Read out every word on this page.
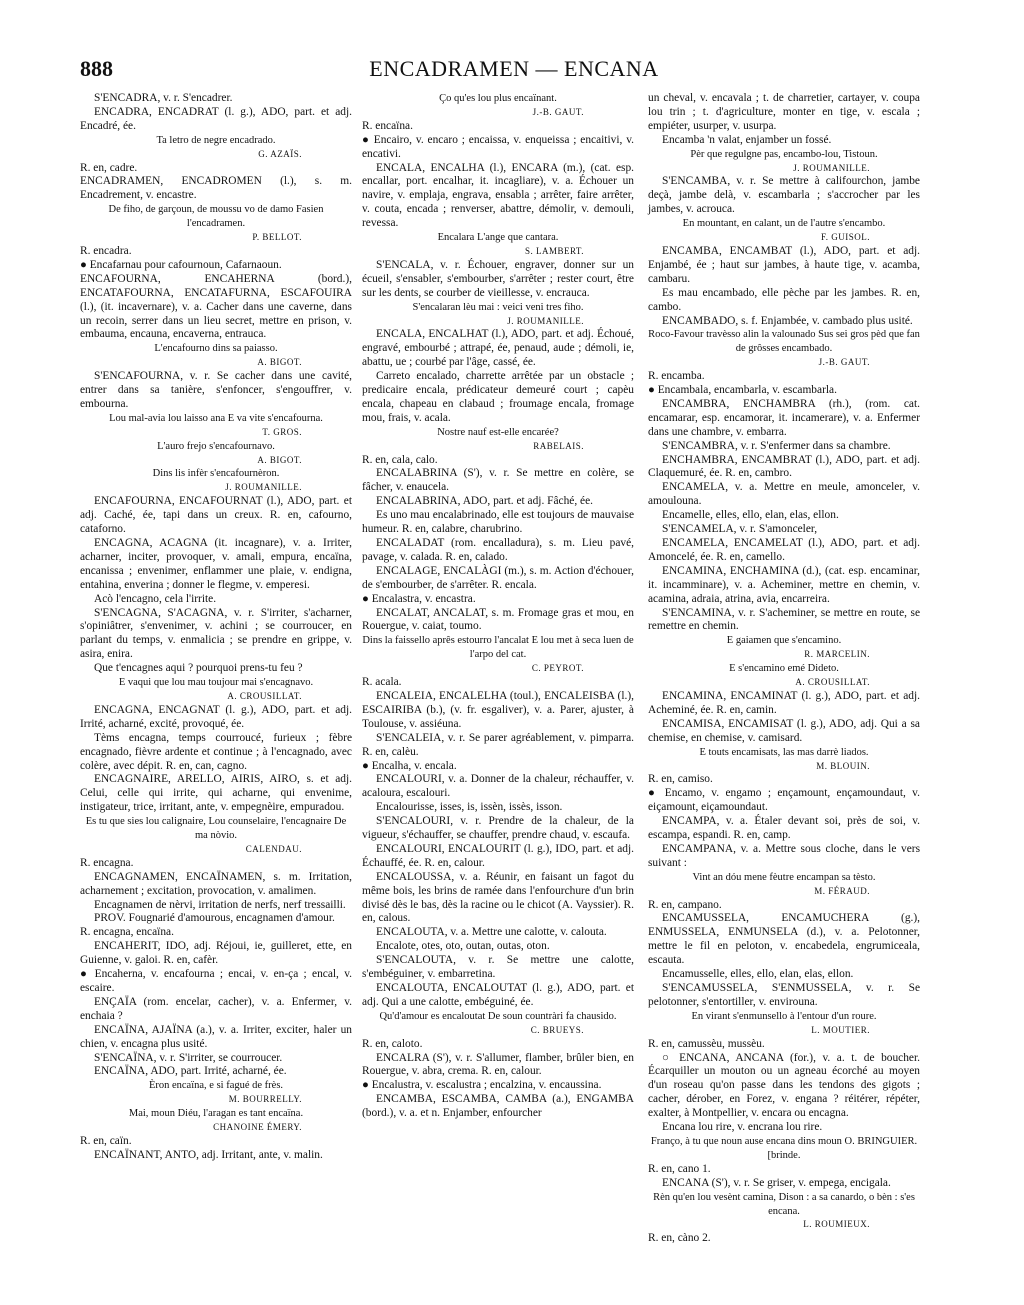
888	ENCADRAMEN — ENCANA

S'ENCADRA, v. r. S'encadrer.

ENCADRA, ENCADRAT (l. g.), ADO, part. et adj. Encadré, ée.

Ta letro de negre encadrado.

G. AZAÏS.

R. en, cadre.

ENCADRAMEN, ENCADROMEN (l.), s. m. Encadrement, v. encastre.

De fiho, de garçoun, de moussu vo de damo Fasien l'encadramen.

P. BELLOT.

R. encadra.

● Encafarnau pour cafournoun, Cafarnaoun.

ENCAFOURNA, ENCAHERNA (bord.), ENCATAFOURNA, ENCATAFURNA, ESCAFOUIRA (l.), (it. incavernare), v. a. Cacher dans une caverne, dans un recoin, serrer dans un lieu secret, mettre en prison, v. embauma, encauna, encaverna, entrauca.

L'encafourno dins sa paiasso.

A. BIGOT.

S'ENCAFOURNA, v. r. Se cacher dans une cavité, entrer dans sa tanière, s'enfoncer, s'engouffrer, v. embourna.

Lou mal-avia lou laisso ana E va vite s'encafourna.

T. GROS.

L'auro frejo s'encafournavo.

A. BIGOT.

Dins lis infèr s'encafournèron.

J. ROUMANILLE.

ENCAFOURNA, ENCAFOURNAT (l.), ADO, part. et adj. Caché, ée, tapi dans un creux. R. en, cafourno, cataforno.

ENCAGNA, ACAGNA (it. incagnare), v. a. Irriter, acharner, inciter, provoquer, v. amali, empura, encaïna, encanissa ; envenimer, enflammer une plaie, v. endigna, entahina, enverina ; donner le flegme, v. emperesi.

Acò l'encagno, cela l'irrite.

S'ENCAGNA, S'ACAGNA, v. r. S'irriter, s'acharner, s'opiniâtrer, s'envenimer, v. achini ; se courroucer, en parlant du temps, v. enmalicia ; se prendre en grippe, v. asira, enira.

Que t'encagnes aqui ? pourquoi prens-tu feu ?

E vaqui que lou mau toujour mai s'encagnavo.

A. CROUSILLAT.

ENCAGNA, ENCAGNAT (l. g.), ADO, part. et adj. Irrité, acharné, excité, provoqué, ée.

Tèms encagna, temps courroucé, furieux ; fèbre encagnado, fièvre ardente et continue ; à l'encagnado, avec colère, avec dépit. R. en, can, cagno.

ENCAGNAIRE, ARELLO, AIRIS, AIRO, s. et adj. Celui, celle qui irrite, qui acharne, qui envenime, instigateur, trice, irritant, ante, v. empegnèire, empuradou.

Es tu que sies lou calignaire, Lou counselaire, l'encagnaire De ma nòvio.

CALENDAU.

R. encagna.

ENCAGNAMEN, ENCAÏNAMEN, s. m. Irritation, acharnement ; excitation, provocation, v. amalimen.

Encagnamen de nèrvi, irritation de nerfs, nerf tressailli.

PROV. Fougnarié d'amourous, encagnamen d'amour.

R. encagna, encaïna.

ENCAHERIT, IDO, adj. Réjoui, ie, guilleret, ette, en Guienne, v. galoi. R. en, cafèr.

● Encaherna, v. encafourna ; encai, v. en-ça ; encal, v. escaire.

ENÇAÏA (rom. encelar, cacher), v. a. Enfermer, v. enchaia ?

ENCAÏNA, AJAÏNA (a.), v. a. Irriter, exciter, haler un chien, v. encagna plus usité.

S'ENCAÏNA, v. r. S'irriter, se courroucer.

ENCAÏNA, ADO, part. Irrité, acharné, ée.

Èron encaïna, e si fagué de frès.

M. BOURRELLY.

Mai, moun Diéu, l'aragan es tant encaïna.

CHANOINE ÉMERY.

R. en, caïn.

ENCAÏNANT, ANTO, adj. Irritant, ante, v. malin.

Ço qu'es lou plus encaïnant.

J.-B. GAUT.

R. encaïna.

● Encairo, v. encaro ; encaissa, v. enqueissa ; encaitivi, v. encativi.

ENCALA, ENCALHA (l.), ENCARA (m.), (cat. esp. encallar, port. encalhar, it. incagliare), v. a. Échouer un navire, v. emplaja, engrava, ensabla ; arrêter, faire arrêter, v. couta, encada ; renverser, abattre, démolir, v. demouli, revessa.

Encalara L'ange que cantara.

S. LAMBERT.

S'ENCALA, v. r. Échouer, engraver, donner sur un écueil, s'ensabler, s'embourber, s'arrêter ; rester court, être sur les dents, se courber de vieillesse, v. encrauca.

S'encalaran lèu mai : veici veni tres fiho.

J. ROUMANILLE.

ENCALA, ENCALHAT (l.), ADO, part. et adj. Échoué, engravé, embourbé ; attrapé, ée, penaud, aude ; démoli, ie, abattu, ue ; courbé par l'âge, cassé, ée.

Carreto encalado, charrette arrêtée par un obstacle ; predicaire encala, prédicateur demeuré court ; capèu encala, chapeau en clabaud ; froumage encala, fromage mou, frais, v. acala.

Nostre nauf est-elle encarée?

RABELAIS.

R. en, cala, calo.

ENCALABRINA (S'), v. r. Se mettre en colère, se fâcher, v. enaucela.

ENCALABRINA, ADO, part. et adj. Fâché, ée.

Es uno mau encalabrinado, elle est toujours de mauvaise humeur. R. en, calabre, charubrino.

ENCALADAT (rom. encalladura), s. m. Lieu pavé, pavage, v. calada. R. en, calado.

ENCALAGE, ENCALÀGI (m.), s. m. Action d'échouer, de s'embourber, de s'arrêter. R. encala.

● Encalastra, v. encastra.

ENCALAT, ANCALAT, s. m. Fromage gras et mou, en Rouergue, v. caiat, toumo.

Dins la faissello aprês estourro l'ancalat E lou met à seca luen de l'arpo del cat.

C. PEYROT.

R. acala.

ENCALEIA, ENCALELHA (toul.), ENCALEISBA (l.), ESCAIRIBA (b.), (v. fr. esgaliver), v. a. Parer, ajuster, à Toulouse, v. assiéuna.

S'ENCALEIA, v. r. Se parer agréablement, v. pimparra. R. en, calèu.

● Encalha, v. encala.

ENCALOURI, v. a. Donner de la chaleur, réchauffer, v. acaloura, escalouri.

Encalourisse, isses, is, issèn, issès, isson.

S'ENCALOURI, v. r. Prendre de la chaleur, de la vigueur, s'échauffer, se chauffer, prendre chaud, v. escaufa.

ENCALOURI, ENCALOURIT (l. g.), IDO, part. et adj. Échauffé, ée. R. en, calour.

ENCALOUSSA, v. a. Réunir, en faisant un fagot du même bois, les brins de ramée dans l'enfourchure d'un brin divisé dès le bas, dès la racine ou le chicot (A. Vayssier). R. en, calous.

ENCALOUTA, v. a. Mettre une calotte, v. calouta.

Encalote, otes, oto, outan, outas, oton.

S'ENCALOUTA, v. r. Se mettre une calotte, s'embéguiner, v. embarretina.

ENCALOUTA, ENCALOUTAT (l. g.), ADO, part. et adj. Qui a une calotte, embéguiné, ée.

Qu'd'amour es encaloutat De soun countràri fa chausido.

C. BRUEYS.

R. en, caloto.

ENCALRA (S'), v. r. S'allumer, flamber, brûler bien, en Rouergue, v. abra, crema. R. en, calour.

● Encalustra, v. escalustra ; encalzina, v. encaussina.

ENCAMBA, ESCAMBA, CAMBA (a.), ENGAMBA (bord.), v. a. et n. Enjamber, enfourcher

un cheval, v. encavala ; t. de charretier, cartayer, v. coupa lou trin ; t. d'agriculture, monter en tige, v. escala ; empiéter, usurper, v. usurpa.

Encamba 'n valat, enjamber un fossé.

Pèr que regulgne pas, encambo-lou, Tistoun.

J. ROUMANILLE.

S'ENCAMBA, v. r. Se mettre à califourchon, jambe deçà, jambe delà, v. escambarla ; s'accrocher par les jambes, v. acrouca.

En mountant, en calant, un de l'autre s'encambo.

F. GUISOL.

ENCAMBA, ENCAMBAT (l.), ADO, part. et adj. Enjambé, ée ; haut sur jambes, à haute tige, v. acamba, cambaru.

Es mau encambado, elle pèche par les jambes. R. en, cambo.

ENCAMBADO, s. f. Enjambée, v. cambado plus usité.

Roco-Favour travèsso alin la valounado Sus sei gros pèd que fan de grôsses encambado.

J.-B. GAUT.

R. encamba.

● Encambala, encambarla, v. escambarla.

ENCAMBRA, ENCHAMBRA (rh.), (rom. cat. encamarar, esp. encamorar, it. incamerare), v. a. Enfermer dans une chambre, v. embarra.

S'ENCAMBRA, v. r. S'enfermer dans sa chambre.

ENCHAMBRA, ENCAMBRAT (l.), ADO, part. et adj. Claquemuré, ée. R. en, cambro.

ENCAMELA, v. a. Mettre en meule, amonceler, v. amoulouna.

Encamelle, elles, ello, elan, elas, ellon.

S'ENCAMELA, v. r. S'amonceler,

ENCAMELA, ENCAMELAT (l.), ADO, part. et adj. Amoncelé, ée. R. en, camello.

ENCAMINA, ENCHAMINA (d.), (cat. esp. encaminar, it. incamminare), v. a. Acheminer, mettre en chemin, v. acamina, adraia, atrina, avia, encarreira.

S'ENCAMINA, v. r. S'acheminer, se mettre en route, se remettre en chemin.

E gaiamen que s'encamino.

R. MARCELIN.

E s'encamino emé Dideto.

A. CROUSILLAT.

ENCAMINA, ENCAMINAT (l. g.), ADO, part. et adj. Acheminé, ée. R. en, camin.

ENCAMISA, ENCAMISAT (l. g.), ADO, adj. Qui a sa chemise, en chemise, v. camisard.

E touts encamisats, las mas darrè liados.

M. BLOUIN.

R. en, camiso.

● Encamo, v. engamo ; ençamount, ençamoundaut, v. eiçamount, eiçamoundaut.

ENCAMPA, v. a. Étaler devant soi, près de soi, v. escampa, espandi. R. en, camp.

ENCAMPANA, v. a. Mettre sous cloche, dans le vers suivant :

Vint an dóu mene fèutre encampan sa tèsto.

M. FÉRAUD.

R. en, campano.

ENCAMUSSELA, ENCAMUCHERA (g.), ENMUSSELA, ENMUNSELA (d.), v. a. Pelotonner, mettre le fil en peloton, v. encabedela, engrumiceala, escauta.

Encamusselle, elles, ello, elan, elas, ellon.

S'ENCAMUSSELA, S'ENMUSSELA, v. r. Se pelotonner, s'entortiller, v. envirouna.

En virant s'enmunsello à l'entour d'un roure.

L. MOUTIER.

R. en, camussèu, mussèu.

○ ENCANA, ANCANA (for.), v. a. t. de boucher. Écarquiller un mouton ou un agneau écorché au moyen d'un roseau qu'on passe dans les tendons des gigots ; cacher, dérober, en Forez, v. engana ? réitérer, répéter, exalter, à Montpellier, v. encara ou encagna.

Encana lou rire, v. encrana lou rire.

Franço, à tu que noun ause encana dins moun O. BRINGUIER. [brinde.

R. en, cano 1.

ENCANA (S'), v. r. Se griser, v. empega, encigala.

Rèn qu'en lou vesènt camina, Dison : a sa canardo, o bèn : s'es encana.

L. ROUMIEUX.

R. en, càno 2.
